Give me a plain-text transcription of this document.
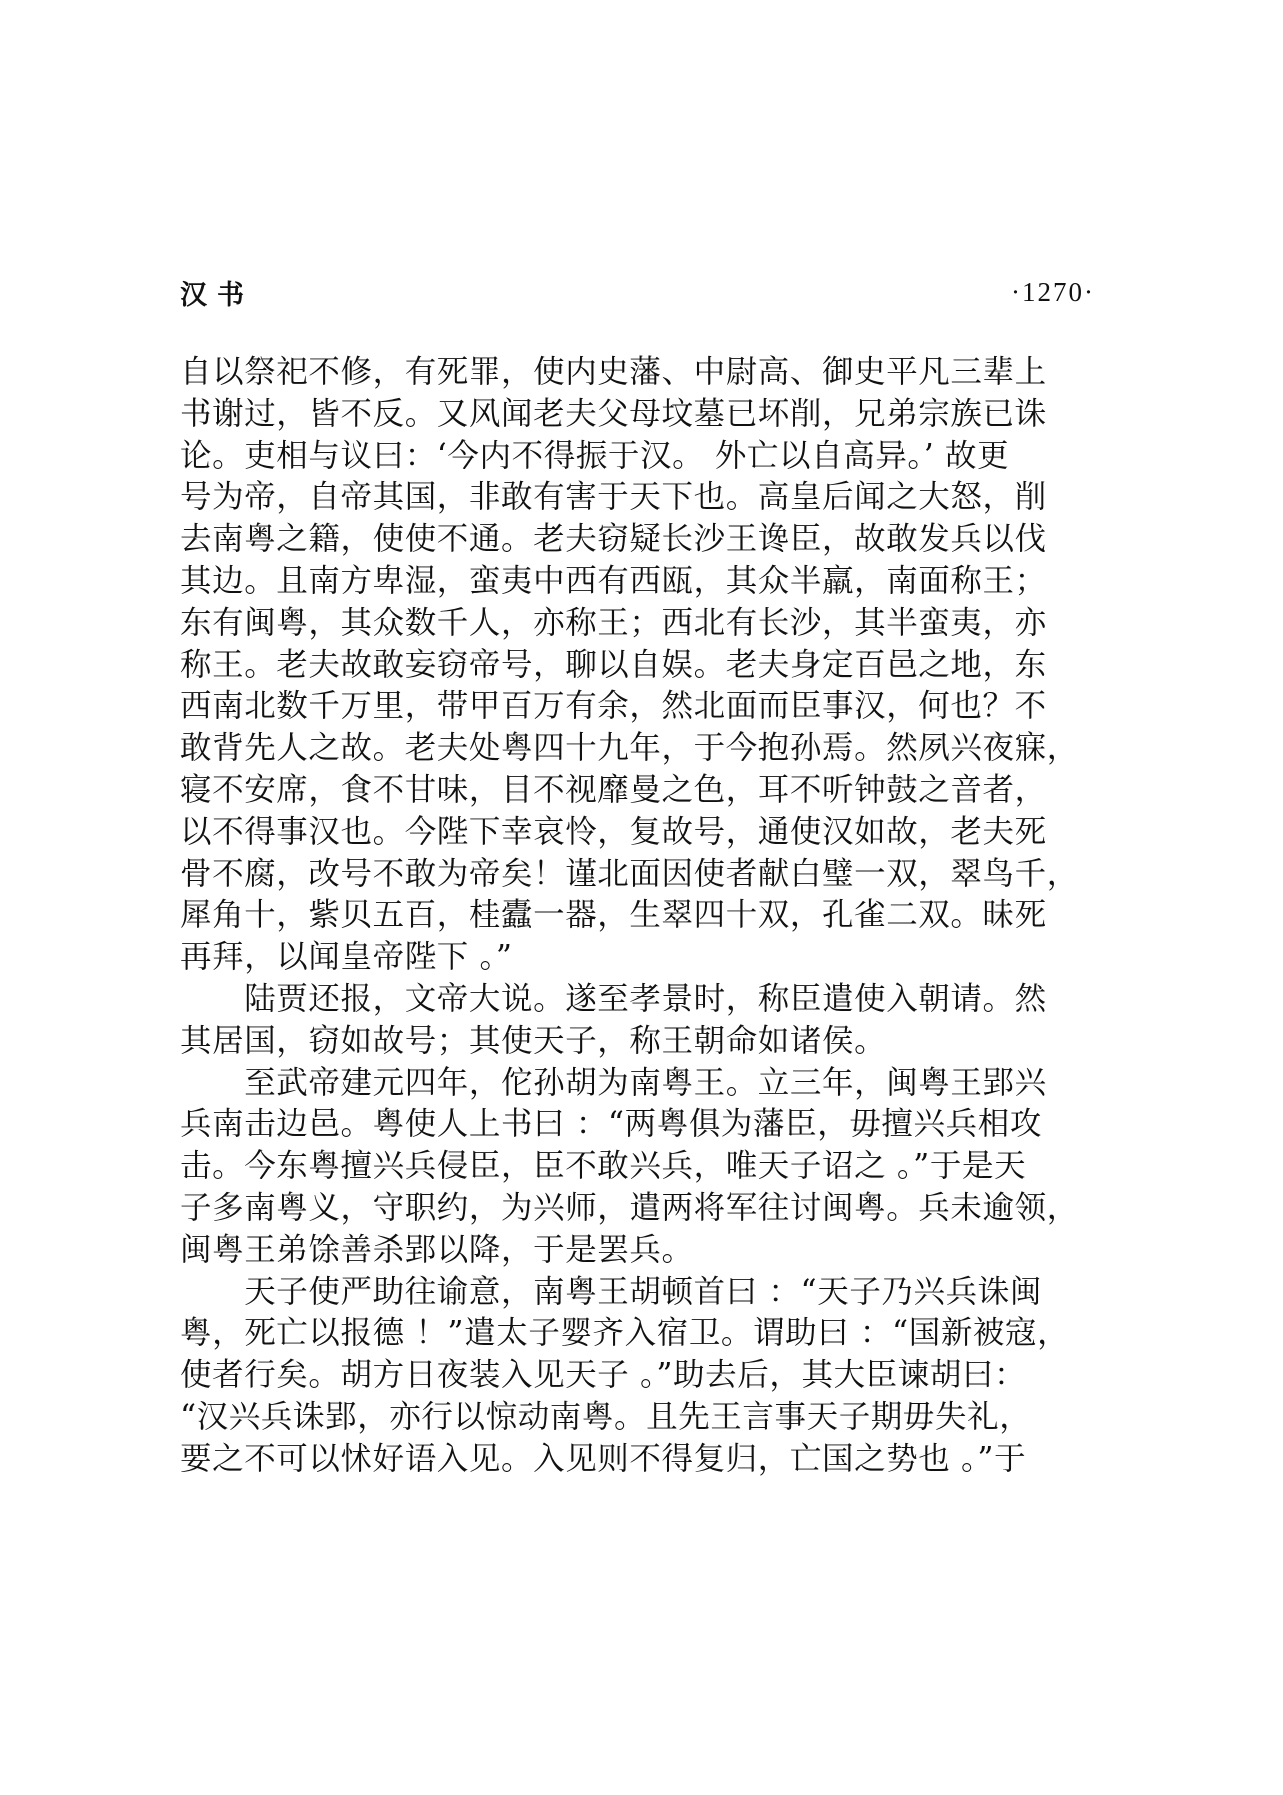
汉书	·1270·
自以祭祀不修，有死罪，使内史藩、中尉高、御史平凡三辈上
书谢过，皆不反。又风闻老夫父母坟墓已坏削，兄弟宗族已诛
论。吏相与议曰：‘今内不得振于汉。 外亡以自高异。’ 故更
号为帝，自帝其国，非敢有害于天下也。高皇后闻之大怒，削
去南粤之籍，使使不通。老夫窃疑长沙王谗臣，故敢发兵以伐
其边。且南方卑湿，蛮夷中西有西瓯，其众半羸，南面称王；
东有闽粤，其众数千人，亦称王；西北有长沙，其半蛮夷，亦
称王。老夫故敢妄窃帝号，聊以自娱。老夫身定百邑之地，东
西南北数千万里，带甲百万有余，然北面而臣事汉，何也？不
敢背先人之故。老夫处粤四十九年，于今抱孙焉。然夙兴夜寐，
寝不安席，食不甘味，目不视靡曼之色，耳不听钟鼓之音者，
以不得事汉也。今陛下幸哀怜，复故号，通使汉如故，老夫死
骨不腐，改号不敢为帝矣！谨北面因使者献白璧一双，翠鸟千，
犀角十，紫贝五百，桂蠹一器，生翠四十双，孔雀二双。昧死
再拜，以闻皇帝陛下 。”
　　陆贾还报，文帝大说。遂至孝景时，称臣遣使入朝请。然
其居国，窃如故号；其使天子，称王朝命如诸侯。
　　至武帝建元四年，佗孙胡为南粤王。立三年，闽粤王郢兴
兵南击边邑。粤使人上书曰 ：“两粤俱为藩臣，毋擅兴兵相攻
击。今东粤擅兴兵侵臣，臣不敢兴兵，唯天子诏之 。”于是天
子多南粤义，守职约，为兴师，遣两将军往讨闽粤。兵未逾领，
闽粤王弟馀善杀郢以降，于是罢兵。
　　天子使严助往谕意，南粤王胡顿首曰 ：“天子乃兴兵诛闽
粤，死亡以报德 ！”遣太子婴齐入宿卫。谓助曰 ：“国新被寇，
使者行矣。胡方日夜装入见天子 。”助去后，其大臣谏胡曰：
“汉兴兵诛郢，亦行以惊动南粤。且先王言事天子期毋失礼，
要之不可以怵好语入见。入见则不得复归，亡国之势也 。”于
